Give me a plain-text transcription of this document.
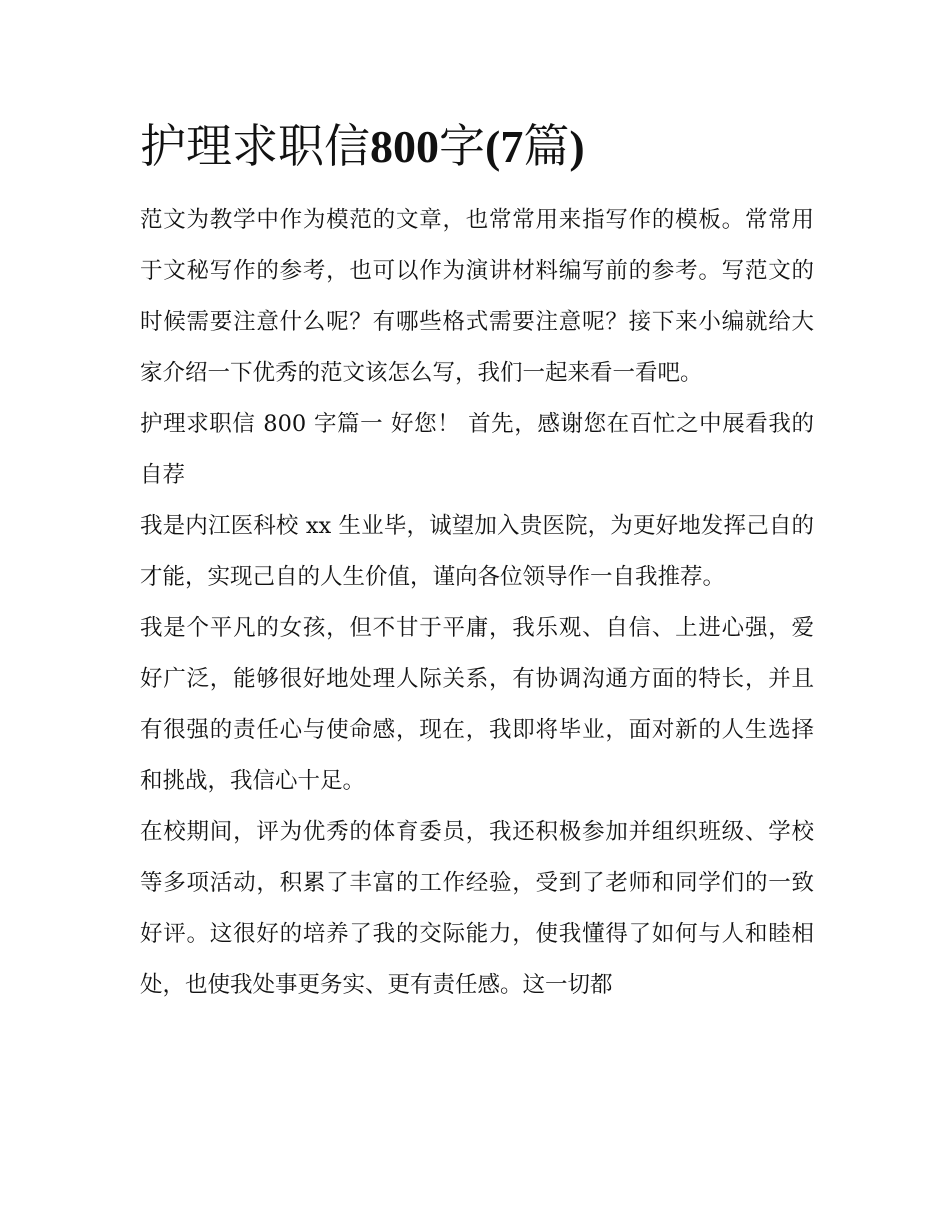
护理求职信800字(7篇)

范文为教学中作为模范的文章，也常常用来指写作的模板。常常用于文秘写作的参考，也可以作为演讲材料编写前的参考。写范文的时候需要注意什么呢？有哪些格式需要注意呢？接下来小编就给大家介绍一下优秀的范文该怎么写，我们一起来看一看吧。

护理求职信 800 字篇一 好您！ 首先，感谢您在百忙之中展看我的自荐

我是内江医科校 xx 生业毕，诚望加入贵医院，为更好地发挥己自的才能，实现己自的人生价值，谨向各位领导作一自我推荐。

我是个平凡的女孩，但不甘于平庸，我乐观、自信、上进心强，爱好广泛，能够很好地处理人际关系，有协调沟通方面的特长，并且有很强的责任心与使命感，现在，我即将毕业，面对新的人生选择和挑战，我信心十足。

在校期间，评为优秀的体育委员，我还积极参加并组织班级、学校等多项活动，积累了丰富的工作经验，受到了老师和同学们的一致好评。这很好的培养了我的交际能力，使我懂得了如何与人和睦相处，也使我处事更务实、更有责任感。这一切都
